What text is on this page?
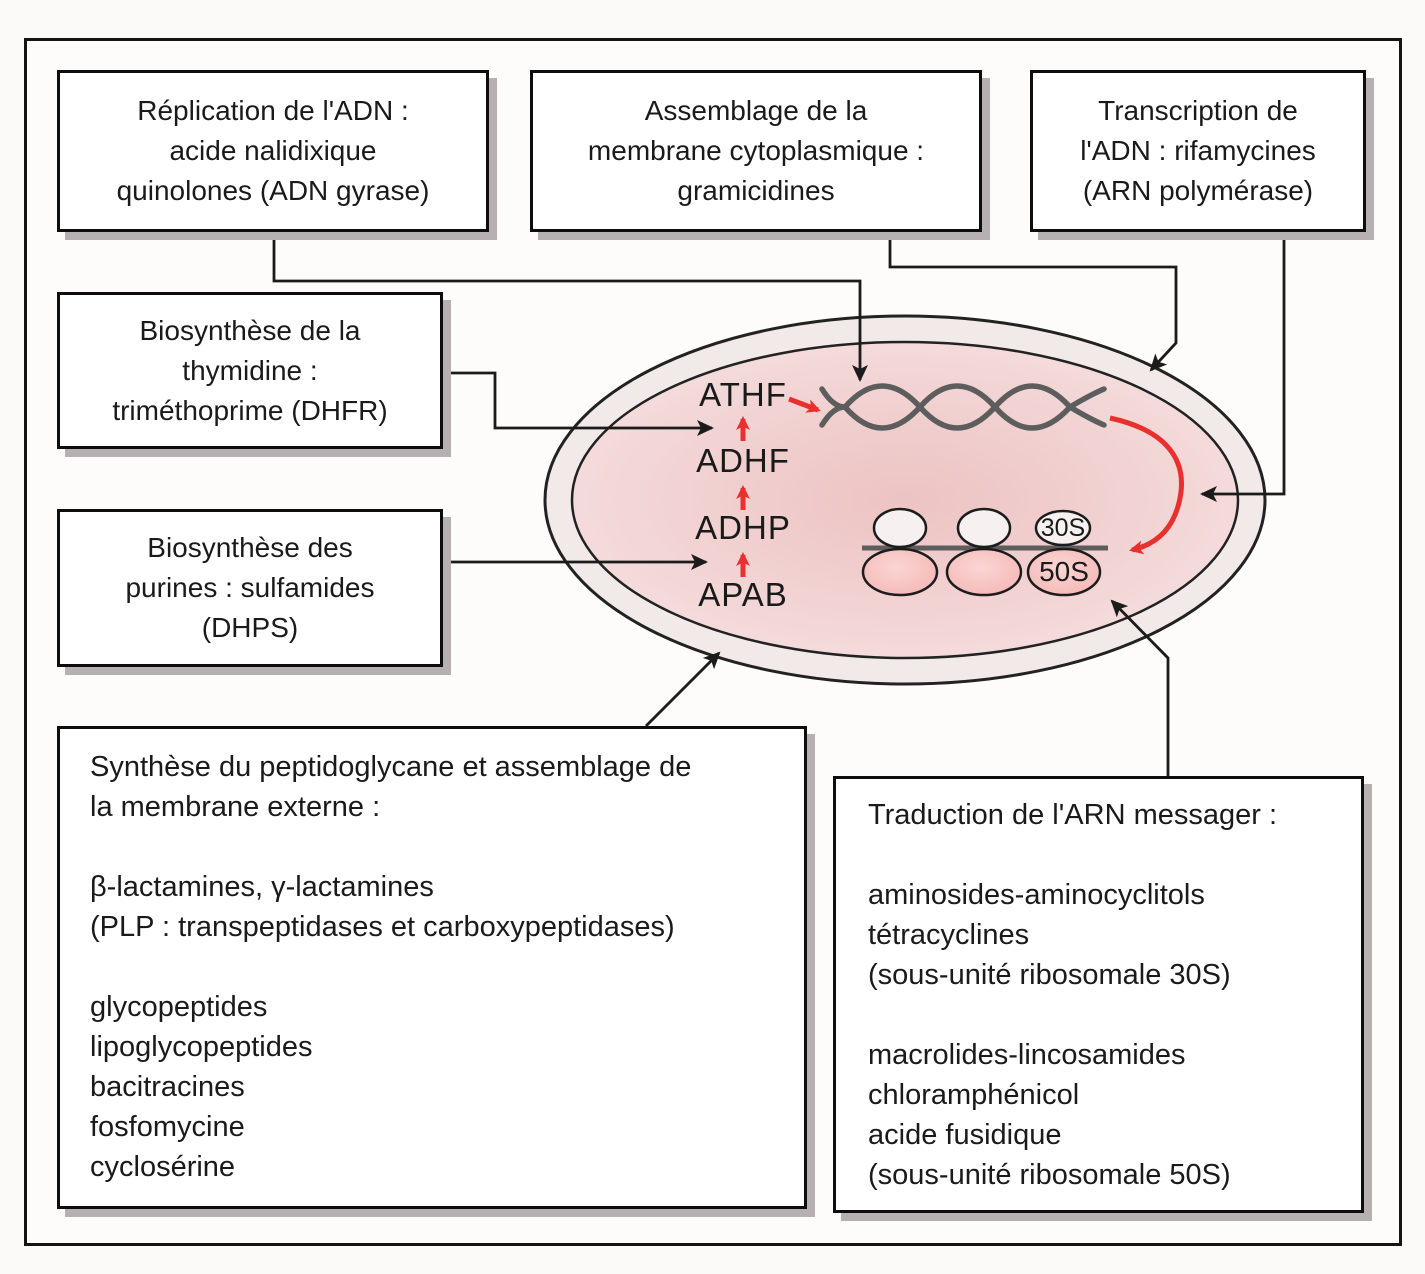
30S
50S
ATHF
ADHF
ADHP
APAB
Réplication de l'ADN :
acide nalidixique
quinolones (ADN gyrase)
Assemblage de la
membrane cytoplasmique :
gramicidines
Transcription de
l'ADN : rifamycines
(ARN polymérase)
Biosynthèse de la
thymidine :
triméthoprime (DHFR)
Biosynthèse des
purines : sulfamides
(DHPS)
Synthèse du peptidoglycane et assemblage de
la membrane externe :
β-lactamines, γ-lactamines
(PLP : transpeptidases et carboxypeptidases)
glycopeptides
lipoglycopeptides
bacitracines
fosfomycine
cyclosérine
Traduction de l'ARN messager :
aminosides-aminocyclitols
tétracyclines
(sous-unité ribosomale 30S)
macrolides-lincosamides
chloramphénicol
acide fusidique
(sous-unité ribosomale 50S)
